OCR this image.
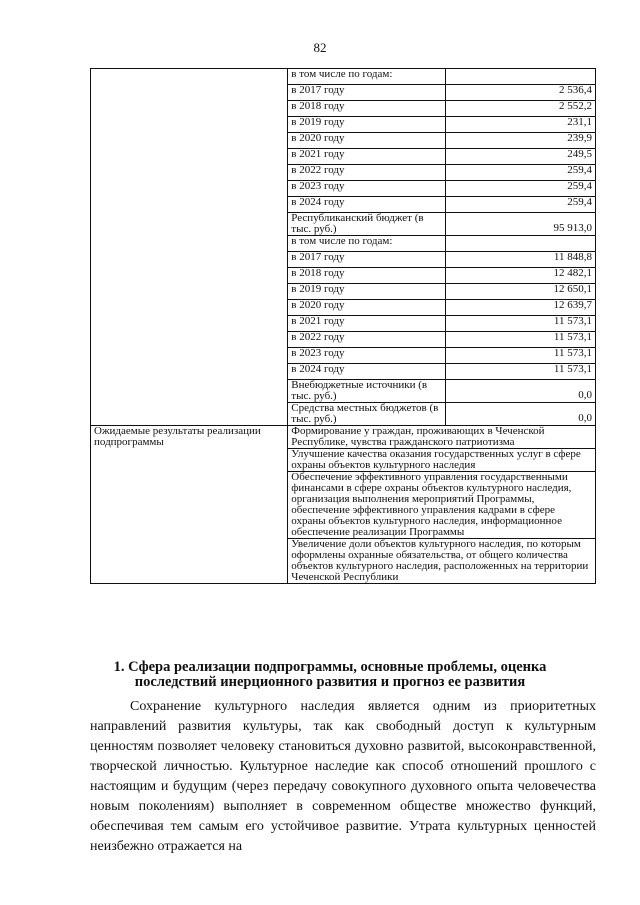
82
	в том числе по годам:	
	в 2017 году	2 536,4
	в 2018 году	2 552,2
	в 2019 году	231,1
	в 2020 году	239,9
	в 2021 году	249,5
	в 2022 году	259,4
	в 2023 году	259,4
	в 2024 году	259,4
	Республиканский бюджет (в тыс. руб.)	95 913,0
	в том числе по годам:	
	в 2017 году	11 848,8
	в 2018 году	12 482,1
	в 2019 году	12 650,1
	в 2020 году	12 639,7
	в 2021 году	11 573,1
	в 2022 году	11 573,1
	в 2023 году	11 573,1
	в 2024 году	11 573,1
	Внебюджетные источники (в тыс. руб.)	0,0
	Средства местных бюджетов (в тыс. руб.)	0,0
Ожидаемые результаты реализации подпрограммы	Формирование у граждан, проживающих в Чеченской Республике, чувства гражданского патриотизма	
	Улучшение качества оказания государственных услуг в сфере охраны объектов культурного наследия	
	Обеспечение эффективного управления государственными финансами в сфере охраны объектов культурного наследия, организация выполнения мероприятий Программы, обеспечение эффективного управления кадрами в сфере охраны объектов культурного наследия, информационное обеспечение реализации Программы	
	Увеличение доли объектов культурного наследия, по которым оформлены охранные обязательства, от общего количества объектов культурного наследия, расположенных на территории Чеченской Республики	
1. Сфера реализации подпрограммы, основные проблемы, оценка последствий инерционного развития и прогноз ее развития

Сохранение культурного наследия является одним из приоритетных направлений развития культуры, так как свободный доступ к культурным ценностям позволяет человеку становиться духовно развитой, высоконравственной, творческой личностью. Культурное наследие как способ отношений прошлого с настоящим и будущим (через передачу совокупного духовного опыта человечества новым поколениям) выполняет в современном обществе множество функций, обеспечивая тем самым его устойчивое развитие. Утрата культурных ценностей неизбежно отражается на
